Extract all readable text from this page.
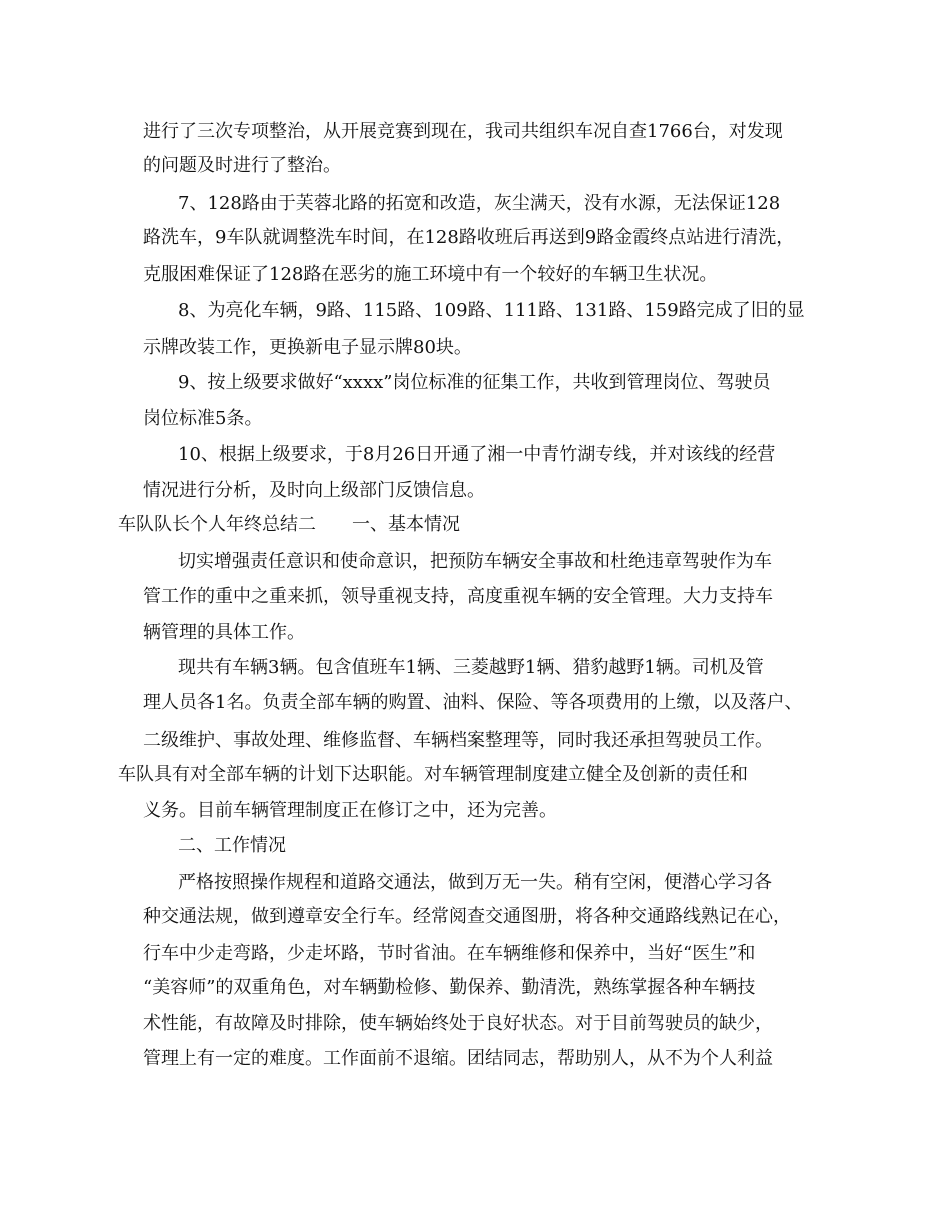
进行了三次专项整治，从开展竞赛到现在，我司共组织车况自查1766台，对发现
的问题及时进行了整治。
7、128路由于芙蓉北路的拓宽和改造，灰尘满天，没有水源，无法保证128
路洗车，9车队就调整洗车时间，在128路收班后再送到9路金霞终点站进行清洗，
克服困难保证了128路在恶劣的施工环境中有一个较好的车辆卫生状况。
8、为亮化车辆，9路、115路、109路、111路、131路、159路完成了旧的显
示牌改装工作，更换新电子显示牌80块。
9、按上级要求做好“xxxx”岗位标准的征集工作，共收到管理岗位、驾驶员
岗位标准5条。
10、根据上级要求，于8月26日开通了湘一中青竹湖专线，并对该线的经营
情况进行分析，及时向上级部门反馈信息。
车队队长个人年终总结二　　一、基本情况
切实增强责任意识和使命意识，把预防车辆安全事故和杜绝违章驾驶作为车
管工作的重中之重来抓，领导重视支持，高度重视车辆的安全管理。大力支持车
辆管理的具体工作。
现共有车辆3辆。包含值班车1辆、三菱越野1辆、猎豹越野1辆。司机及管
理人员各1名。负责全部车辆的购置、油料、保险、等各项费用的上缴，以及落户、
二级维护、事故处理、维修监督、车辆档案整理等，同时我还承担驾驶员工作。
车队具有对全部车辆的计划下达职能。对车辆管理制度建立健全及创新的责任和
义务。目前车辆管理制度正在修订之中，还为完善。
二、工作情况
严格按照操作规程和道路交通法，做到万无一失。稍有空闲，便潜心学习各
种交通法规，做到遵章安全行车。经常阅查交通图册，将各种交通路线熟记在心，
行车中少走弯路，少走坏路，节时省油。在车辆维修和保养中，当好“医生”和
“美容师”的双重角色，对车辆勤检修、勤保养、勤清洗，熟练掌握各种车辆技
术性能，有故障及时排除，使车辆始终处于良好状态。对于目前驾驶员的缺少，
管理上有一定的难度。工作面前不退缩。团结同志，帮助别人，从不为个人利益
